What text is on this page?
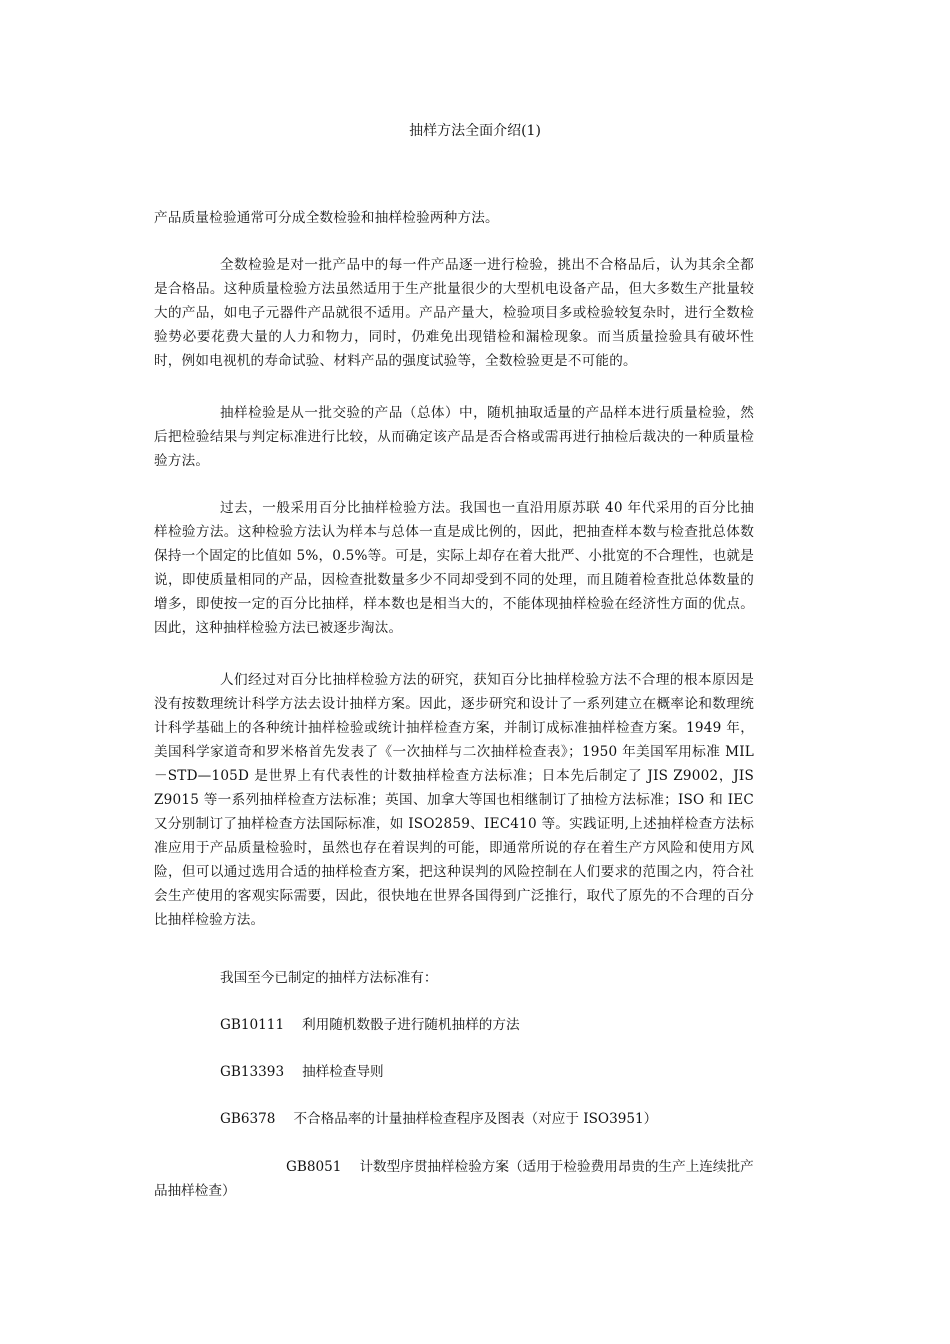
抽样方法全面介绍(1)

产品质量检验通常可分成全数检验和抽样检验两种方法。

全数检验是对一批产品中的每一件产品逐一进行检验，挑出不合格品后，认为其余全都是合格品。这种质量检验方法虽然适用于生产批量很少的大型机电设备产品，但大多数生产批量较大的产品，如电子元器件产品就很不适用。产品产量大，检验项目多或检验较复杂时，进行全数检验势必要花费大量的人力和物力，同时，仍难免出现错检和漏检现象。而当质量捡验具有破坏性时，例如电视机的寿命试验、材料产品的强度试验等，全数检验更是不可能的。

抽样检验是从一批交验的产品（总体）中，随机抽取适量的产品样本进行质量检验，然后把检验结果与判定标准进行比较，从而确定该产品是否合格或需再进行抽检后裁决的一种质量检验方法。

过去，一般采用百分比抽样检验方法。我国也一直沿用原苏联 40 年代采用的百分比抽样检验方法。这种检验方法认为样本与总体一直是成比例的，因此，把抽查样本数与检查批总体数保持一个固定的比值如 5%，0.5%等。可是，实际上却存在着大批严、小批宽的不合理性，也就是说，即使质量相同的产品，因检查批数量多少不同却受到不同的处理，而且随着检查批总体数量的增多，即使按一定的百分比抽样，样本数也是相当大的，不能体现抽样检验在经济性方面的优点。因此，这种抽样检验方法已被逐步淘汰。

人们经过对百分比抽样检验方法的研究，获知百分比抽样检验方法不合理的根本原因是没有按数理统计科学方法去设计抽样方案。因此，逐步研究和设计了一系列建立在概率论和数理统计科学基础上的各种统计抽样检验或统计抽样检查方案，并制订成标准抽样检查方案。1949 年，美国科学家道奇和罗米格首先发表了《一次抽样与二次抽样检查表》；1950 年美国军用标准 MIL－STD—105D 是世界上有代表性的计数抽样检查方法标准；日本先后制定了 JIS Z9002，JIS Z9015 等一系列抽样检查方法标准；英国、加拿大等国也相继制订了抽检方法标准；ISO 和 IEC 又分别制订了抽样检查方法国际标准，如 ISO2859、IEC410 等。实践证明,上述抽样检查方法标准应用于产品质量检验时，虽然也存在着误判的可能，即通常所说的存在着生产方风险和使用方风险，但可以通过选用合适的抽样检查方案，把这种误判的风险控制在人们要求的范围之内，符合社会生产使用的客观实际需要，因此，很快地在世界各国得到广泛推行，取代了原先的不合理的百分比抽样检验方法。

我国至今已制定的抽样方法标准有：

GB10111 利用随机数骰子进行随机抽样的方法

GB13393 抽样检查导则

GB6378 不合格品率的计量抽样检查程序及图表（对应于 ISO3951）

GB8051 计数型序贯抽样检验方案（适用于检验费用昂贵的生产上连续批产品抽样检查）
